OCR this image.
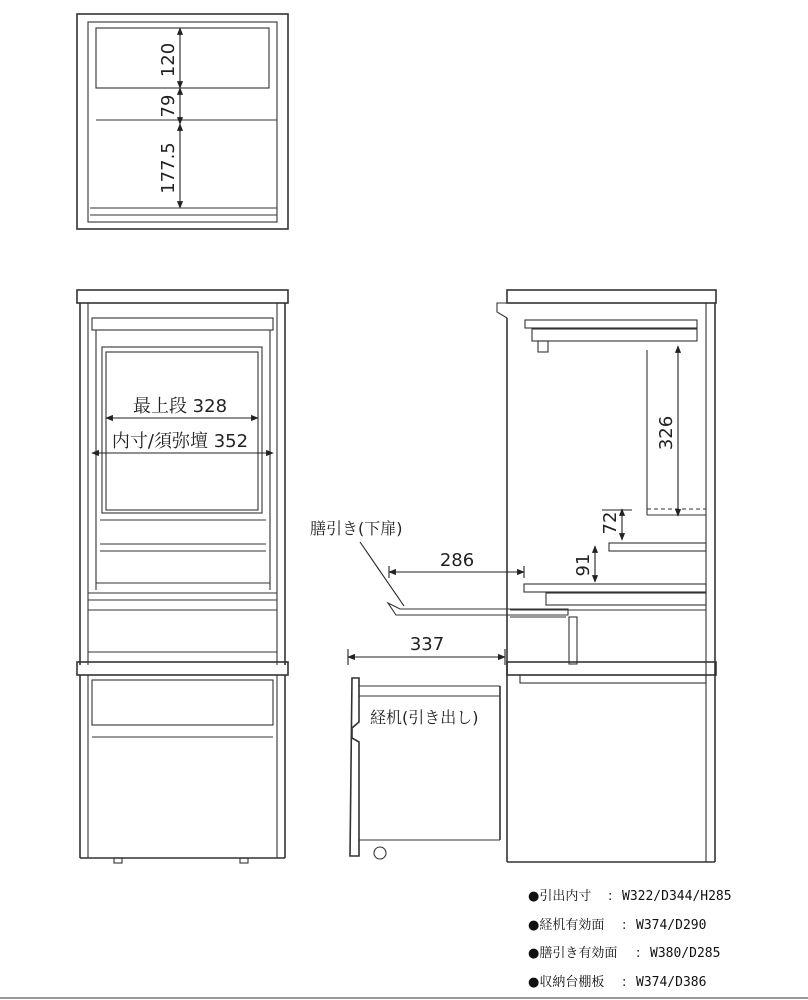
120
79
177.5
最上段 328
内寸/須弥壇 352	326
72
91
286
337
膳引き(下扉)
経机(引き出し)
●引出内寸 : W322/D344/H285
●経机有効面 : W374/D290
●膳引き有効面 : W380/D285
●収納台棚板 : W374/D386
